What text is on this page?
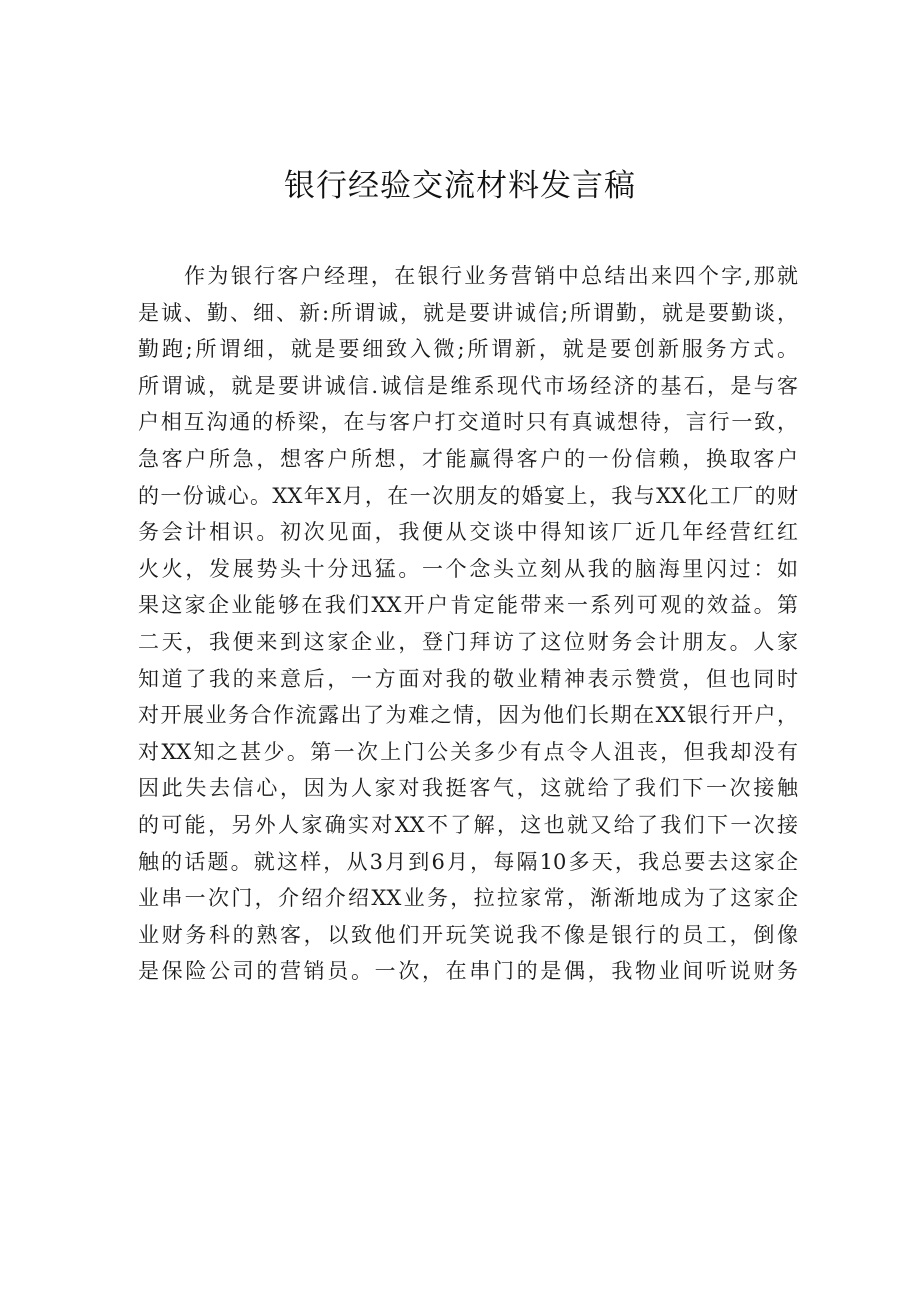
银行经验交流材料发言稿
作为银行客户经理，在银行业务营销中总结出来四个字,那就
是诚、勤、细、新:所谓诚，就是要讲诚信;所谓勤，就是要勤谈，
勤跑;所谓细，就是要细致入微;所谓新，就是要创新服务方式。
所谓诚，就是要讲诚信.诚信是维系现代市场经济的基石，是与客
户相互沟通的桥梁，在与客户打交道时只有真诚想待，言行一致，
急客户所急，想客户所想，才能赢得客户的一份信赖，换取客户
的一份诚心。XX年X月，在一次朋友的婚宴上，我与XX化工厂的财
务会计相识。初次见面，我便从交谈中得知该厂近几年经营红红
火火，发展势头十分迅猛。一个念头立刻从我的脑海里闪过：如
果这家企业能够在我们XX开户肯定能带来一系列可观的效益。第
二天，我便来到这家企业，登门拜访了这位财务会计朋友。人家
知道了我的来意后，一方面对我的敬业精神表示赞赏，但也同时
对开展业务合作流露出了为难之情，因为他们长期在XX银行开户，
对XX知之甚少。第一次上门公关多少有点令人沮丧，但我却没有
因此失去信心，因为人家对我挺客气，这就给了我们下一次接触
的可能，另外人家确实对XX不了解，这也就又给了我们下一次接
触的话题。就这样，从3月到6月，每隔10多天，我总要去这家企
业串一次门，介绍介绍XX业务，拉拉家常，渐渐地成为了这家企
业财务科的熟客，以致他们开玩笑说我不像是银行的员工，倒像
是保险公司的营销员。一次，在串门的是偶，我物业间听说财务
